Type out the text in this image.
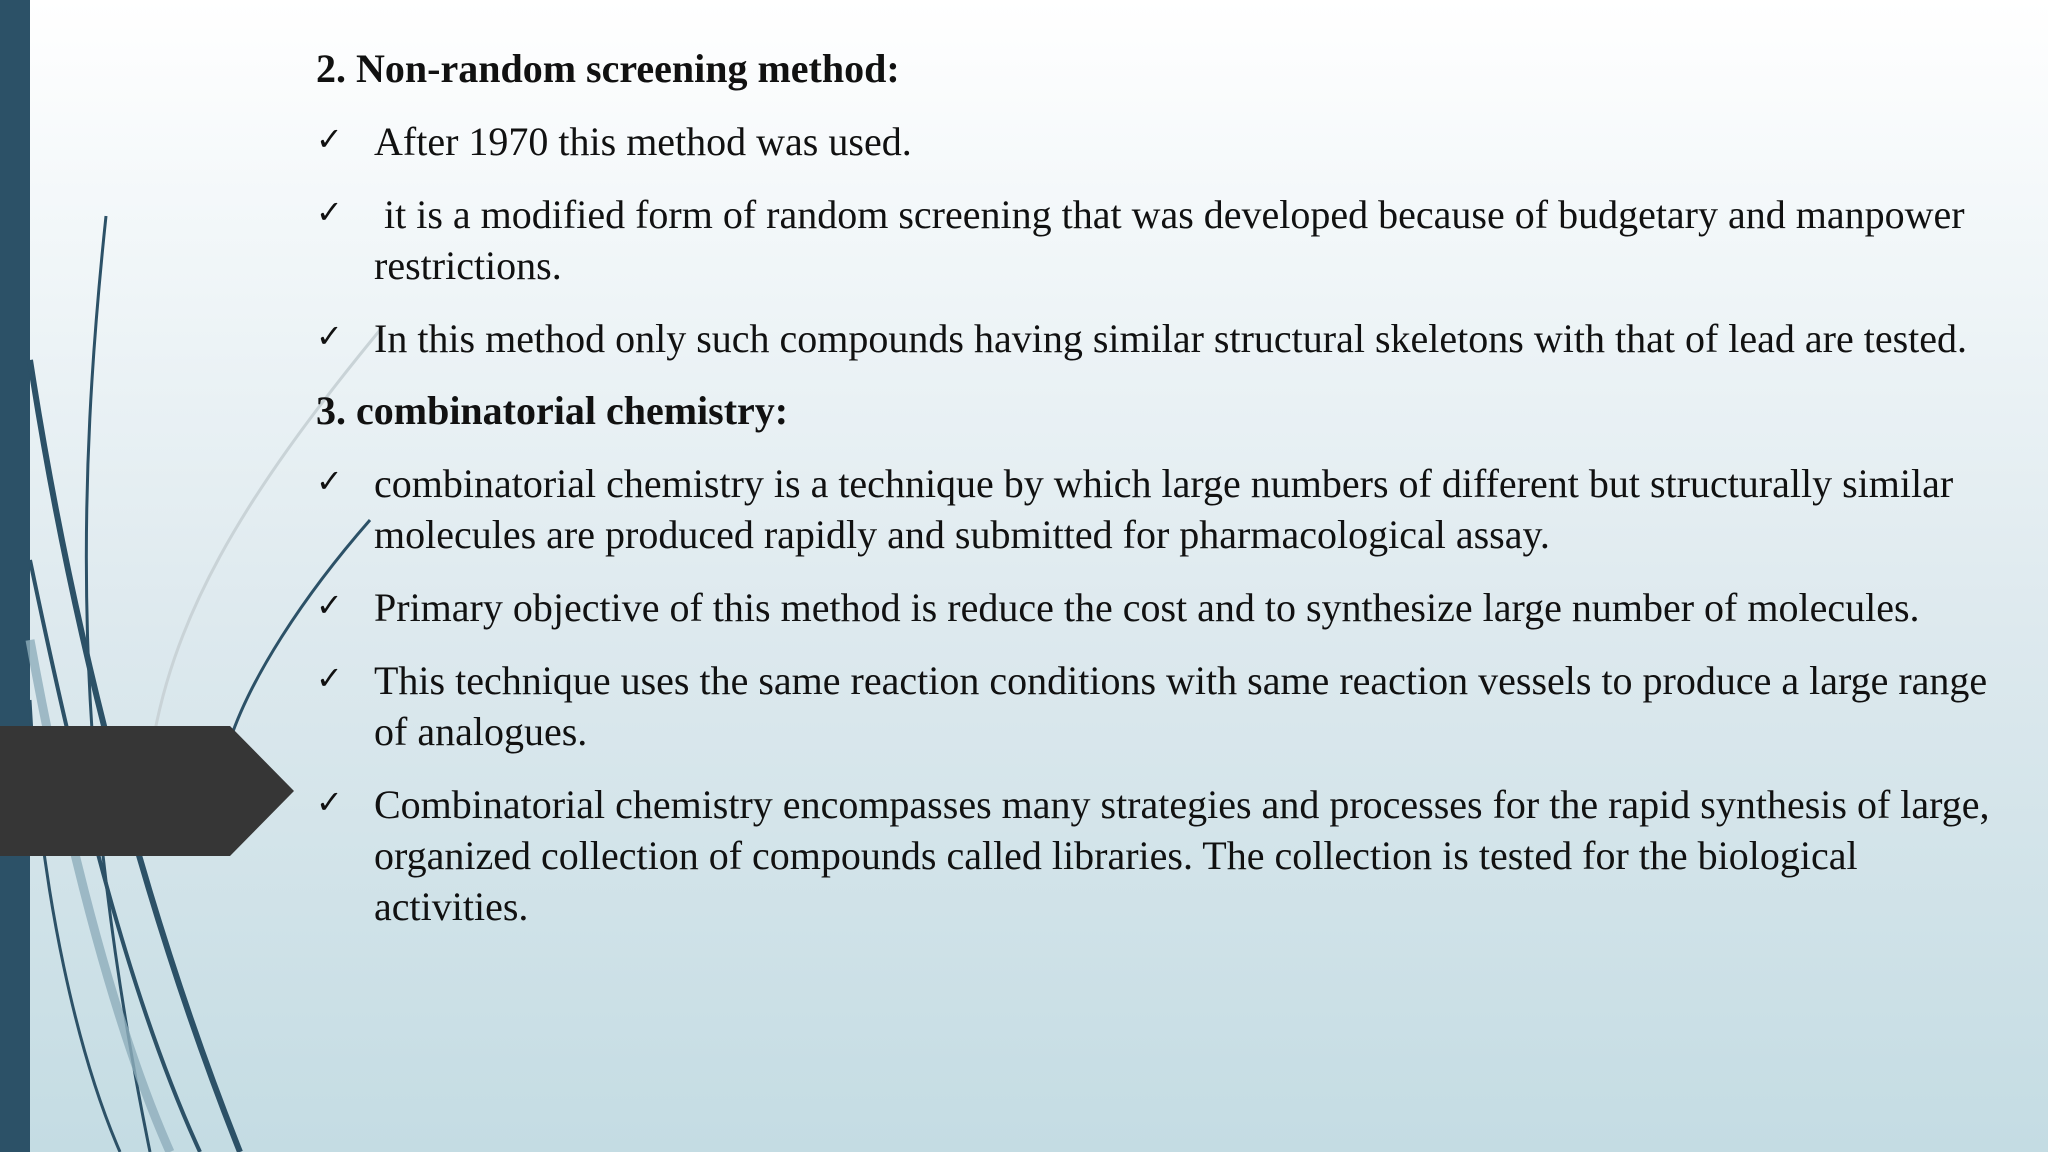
2. Non-random screening method:
✓ After 1970 this method was used.
✓ it is a modified form of random screening that was developed because of budgetary and manpower restrictions.
✓ In this method only such compounds having similar structural skeletons with that of lead are tested.
3. combinatorial chemistry:
✓ combinatorial chemistry is a technique by which large numbers of different but structurally similar molecules are produced rapidly and submitted for pharmacological assay.
✓ Primary objective of this method is reduce the cost and to synthesize large number of molecules.
✓ This technique uses the same reaction conditions with same reaction vessels to produce a large range of analogues.
✓ Combinatorial chemistry encompasses many strategies and processes for the rapid synthesis of large, organized collection of compounds called libraries. The collection is tested for the biological activities.
